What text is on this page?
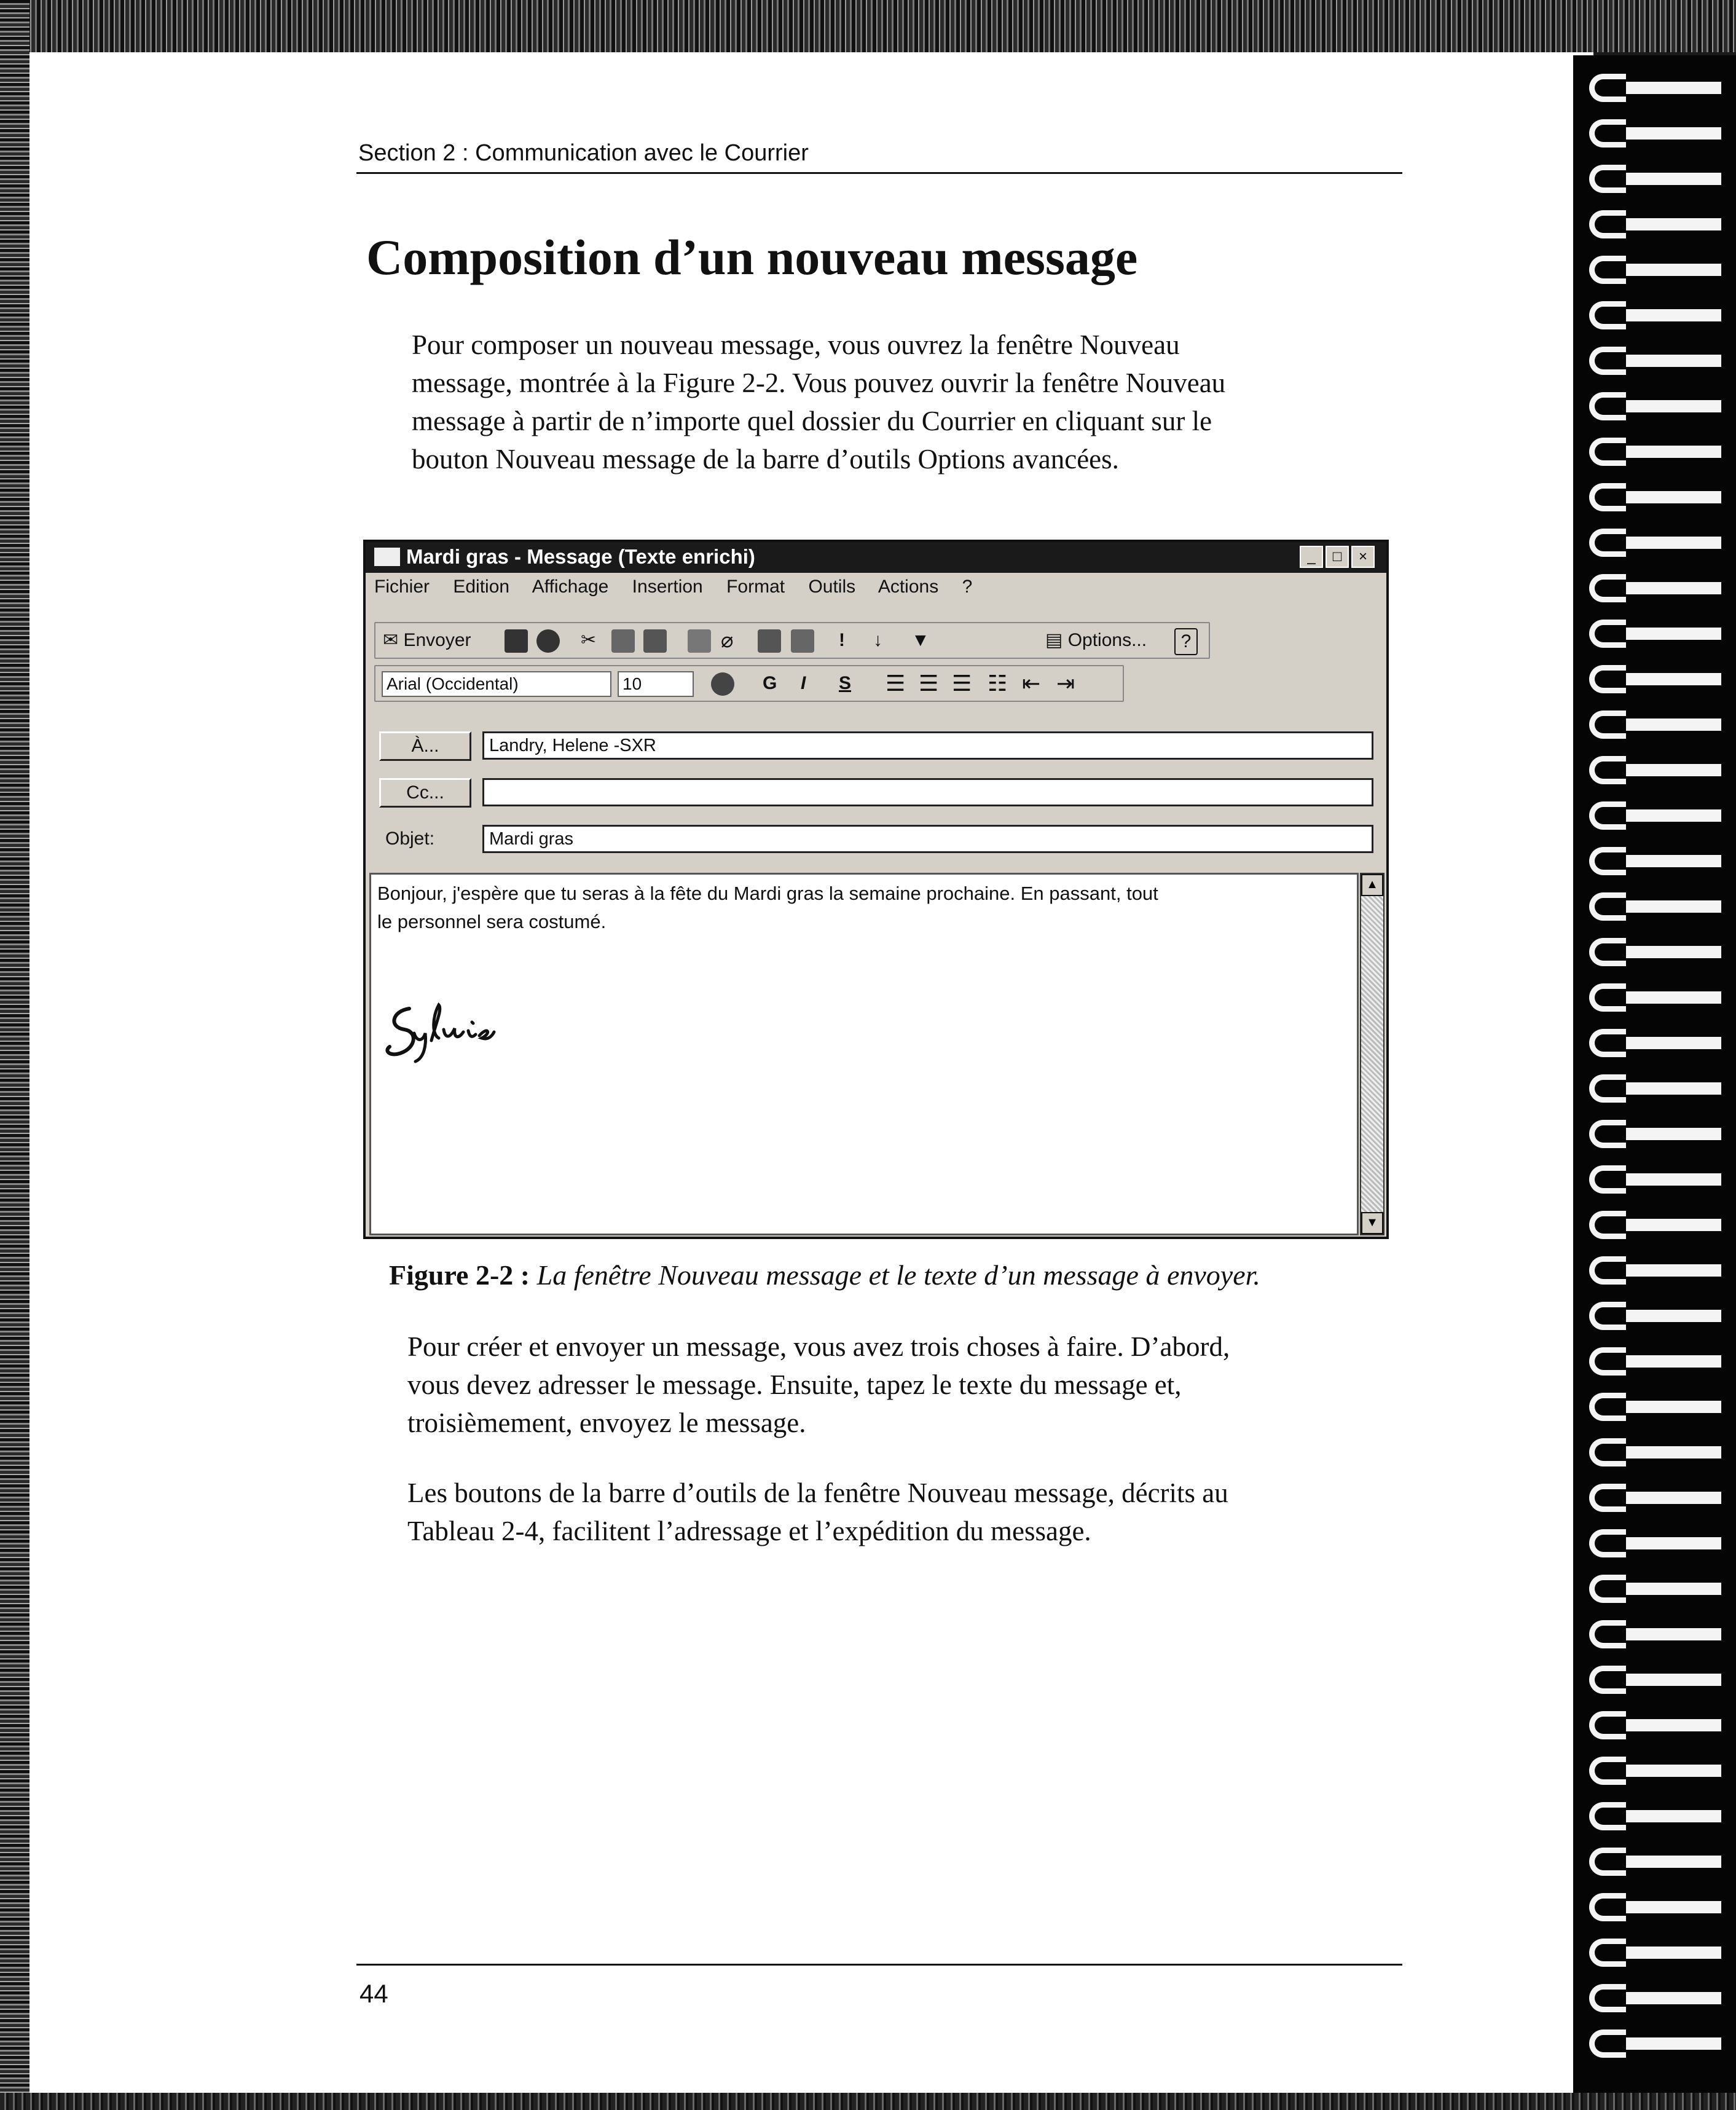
Section 2 : Communication avec le Courrier
Composition d’un nouveau message
Pour composer un nouveau message, vous ouvrez la fenêtre Nouveau
message, montrée à la Figure 2-2. Vous pouvez ouvrir la fenêtre Nouveau
message à partir de n’importe quel dossier du Courrier en cliquant sur le
bouton Nouveau message de la barre d’outils Options avancées.
Mardi gras - Message (Texte enrichi)	_	□	×
Fichier Edition Affichage Insertion Format Outils Actions ?
✉ Envoyer	✂	⌀	! ↓ ▼	▤ Options...	?
Arial (Occidental)	10	G I S ☰ ☰ ☰ ☷ ⇤ ⇥
À...	Landry, Helene -SXR
Cc...
Objet:	Mardi gras
Bonjour, j'espère que tu seras à la fête du Mardi gras la semaine prochaine. En passant, tout
le personnel sera costumé.
▲
▼
Figure 2-2 : La fenêtre Nouveau message et le texte d’un message à envoyer.
Pour créer et envoyer un message, vous avez trois choses à faire. D’abord,
vous devez adresser le message. Ensuite, tapez le texte du message et,
troisièmement, envoyez le message.
Les boutons de la barre d’outils de la fenêtre Nouveau message, décrits au
Tableau 2-4, facilitent l’adressage et l’expédition du message.
44
